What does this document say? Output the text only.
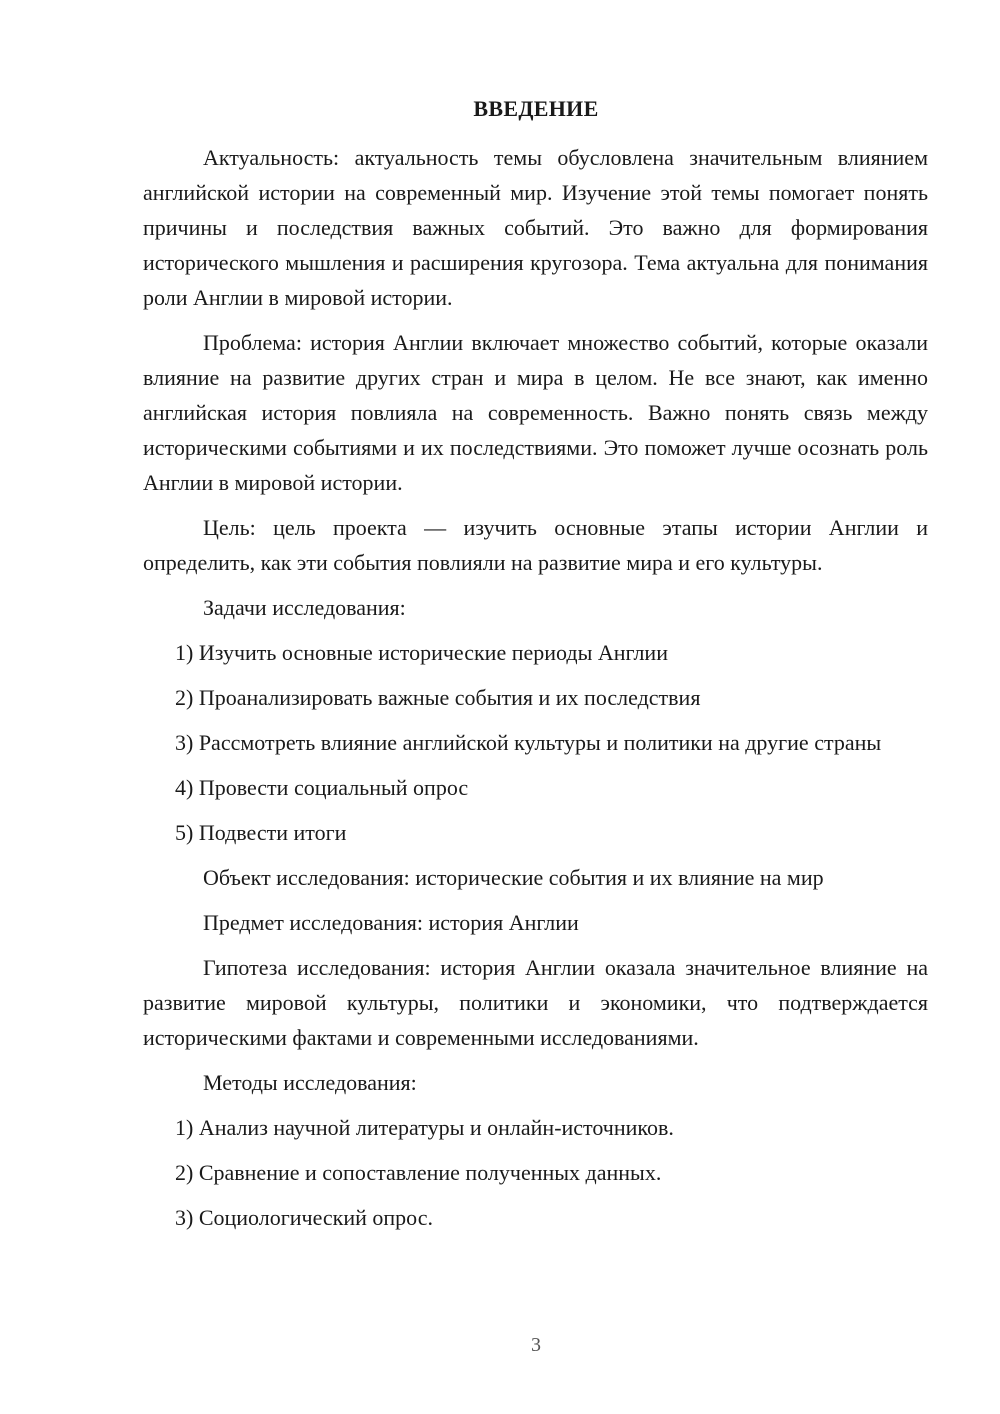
ВВЕДЕНИЕ

Актуальность: актуальность темы обусловлена значительным влиянием английской истории на современный мир. Изучение этой темы помогает понять причины и последствия важных событий. Это важно для формирования исторического мышления и расширения кругозора. Тема актуальна для понимания роли Англии в мировой истории.

Проблема: история Англии включает множество событий, которые оказали влияние на развитие других стран и мира в целом. Не все знают, как именно английская история повлияла на современность. Важно понять связь между историческими событиями и их последствиями. Это поможет лучше осознать роль Англии в мировой истории.

Цель: цель проекта — изучить основные этапы истории Англии и определить, как эти события повлияли на развитие мира и его культуры.

Задачи исследования:

1) Изучить основные исторические периоды Англии

2) Проанализировать важные события и их последствия

3) Рассмотреть влияние английской культуры и политики на другие страны

4) Провести социальный опрос

5) Подвести итоги

Объект исследования: исторические события и их влияние на мир

Предмет исследования: история Англии

Гипотеза исследования: история Англии оказала значительное влияние на развитие мировой культуры, политики и экономики, что подтверждается историческими фактами и современными исследованиями.

Методы исследования:

1) Анализ научной литературы и онлайн-источников.

2) Сравнение и сопоставление полученных данных.

3) Социологический опрос.

3
